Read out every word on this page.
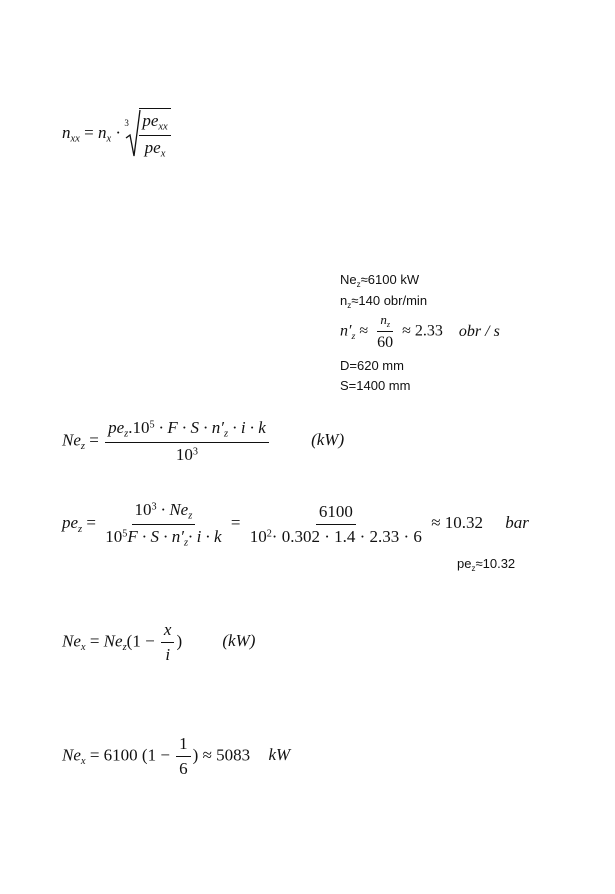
$n_{xx} = n_x \cdot 3 \frac{pe_{xx}}{pe_x}$
$Ne_z\approx 6100$ kW
$n_z\approx 140$ obr/min
$n'_z \approx \frac{n_z}{60} \approx 2.33$ obr / s
D=620 mm
S=1400 mm
$Ne_z = \frac{pe_z.10^5 \cdot F \cdot S \cdot n'_z \cdot i \cdot k}{10^3} (kW)$
$pe_z = \frac{10^3 \cdot Ne_z}{10^5F \cdot S \cdot n'_z\cdot i \cdot k} = \frac{6100}{10^2\cdot 0.302 \cdot 1.4 \cdot 2.33 \cdot 6} \approx 10.32$ bar
$pe_z\approx 10.32$
$Ne_x = Ne_z(1 - \frac{x}{i}$ ) (kW)
$Ne_x = 6100$ ($1 - \frac{1}{6}$ ) ≈ 5083 kW
